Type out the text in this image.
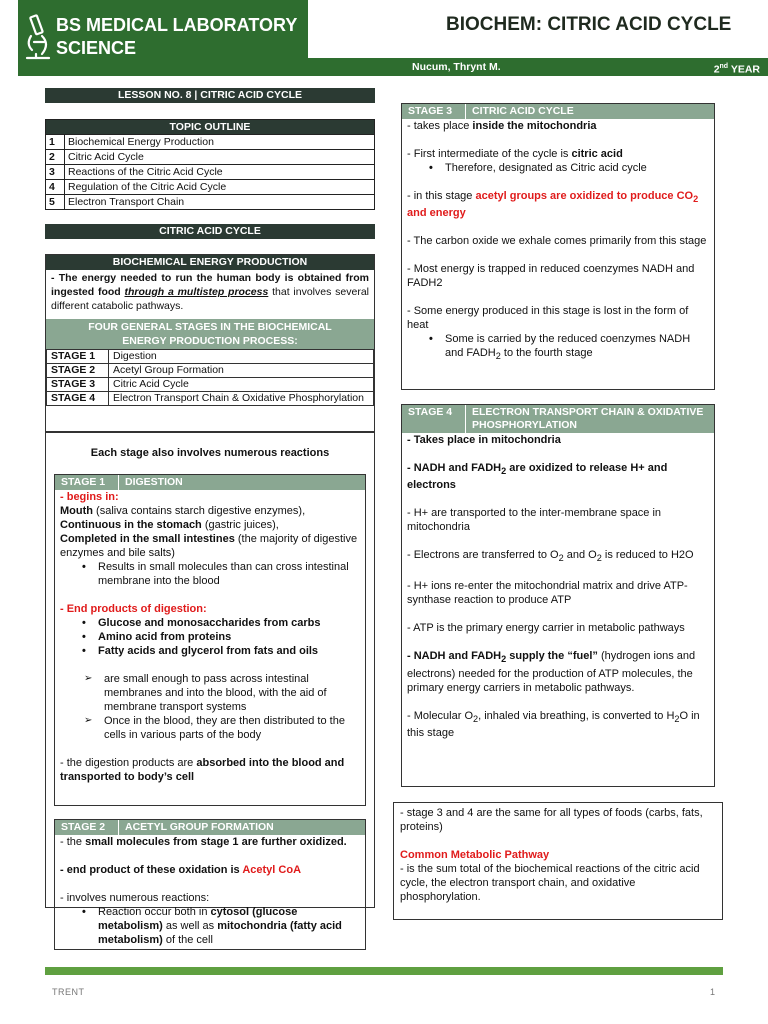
BS MEDICAL LABORATORY
SCIENCE
BIOCHEM: CITRIC ACID CYCLE
Nucum, Thrynt M.	2nd YEAR
LESSON NO. 8 | CITRIC ACID CYCLE
TOPIC OUTLINE	
1	Biochemical Energy Production
2	Citric Acid Cycle
3	Reactions of the Citric Acid Cycle
4	Regulation of the Citric Acid Cycle
5	Electron Transport Chain
CITRIC ACID CYCLE
BIOCHEMICAL ENERGY PRODUCTION

- The energy needed to run the human body is obtained from ingested food through a multistep process that involves several different catabolic pathways.

FOUR GENERAL STAGES IN THE BIOCHEMICAL ENERGY PRODUCTION PROCESS:
STAGE 1	Digestion
STAGE 2	Acetyl Group Formation
STAGE 3	Citric Acid Cycle
STAGE 4	Electron Transport Chain & Oxidative Phosphorylation

Each stage also involves numerous reactions

STAGE 1	DIGESTION

- begins in:

Mouth (saliva contains starch digestive enzymes),

Continuous in the stomach (gastric juices),

Completed in the small intestines (the majority of digestive enzymes and bile salts)

• Results in small molecules than can cross intestinal membrane into the blood

- End products of digestion:

• Glucose and monosaccharides from carbs
• Amino acid from proteins
• Fatty acids and glycerol from fats and oils
➢ are small enough to pass across intestinal membranes and into the blood, with the aid of membrane transport systems
➢ Once in the blood, they are then distributed to the cells in various parts of the body

- the digestion products are absorbed into the blood and transported to body’s cell

STAGE 2	ACETYL GROUP FORMATION

- the small molecules from stage 1 are further oxidized.

- end product of these oxidation is Acetyl CoA

- involves numerous reactions:

• Reaction occur both in cytosol (glucose metabolism) as well as mitochondria (fatty acid metabolism) of the cell
STAGE 3	CITRIC ACID CYCLE

- takes place inside the mitochondria

- First intermediate of the cycle is citric acid

• Therefore, designated as Citric acid cycle

- in this stage acetyl groups are oxidized to produce $CO_2$ and energy

- The carbon oxide we exhale comes primarily from this stage

- Most energy is trapped in reduced coenzymes NADH and FADH2

- Some energy produced in this stage is lost in the form of heat

• Some is carried by the reduced coenzymes NADH and $FADH_2$ to the fourth stage
STAGE 4	ELECTRON TRANSPORT CHAIN & OXIDATIVE PHOSPHORYLATION

- Takes place in mitochondria

- NADH and $FADH_2$ are oxidized to release H+ and electrons

- H+ are transported to the inter-membrane space in mitochondria

- Electrons are transferred to $O_2$ and $O_2$ is reduced to H2O

- H+ ions re-enter the mitochondrial matrix and drive ATP-synthase reaction to produce ATP

- ATP is the primary energy carrier in metabolic pathways

- NADH and $FADH_2$ supply the “fuel” (hydrogen ions and electrons) needed for the production of ATP molecules, the primary energy carriers in metabolic pathways.

- Molecular $O_2$, inhaled via breathing, is converted to $H_2O$ in this stage

- stage 3 and 4 are the same for all types of foods (carbs, fats, proteins)

Common Metabolic Pathway

- is the sum total of the biochemical reactions of the citric acid cycle, the electron transport chain, and oxidative phosphorylation.

TRENT	1
